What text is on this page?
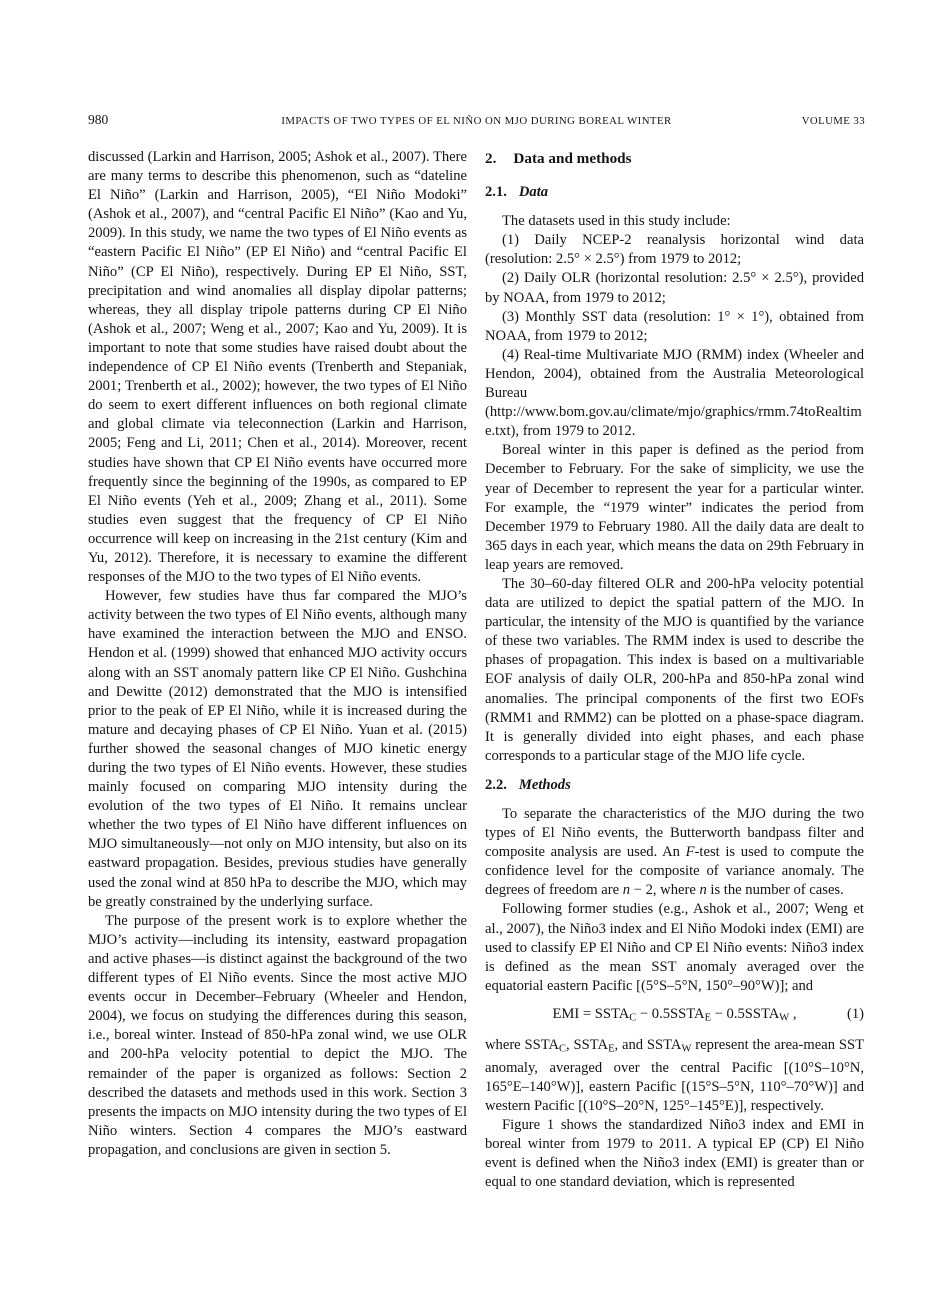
980	IMPACTS OF TWO TYPES OF EL NIÑO ON MJO DURING BOREAL WINTER	VOLUME 33

discussed (Larkin and Harrison, 2005; Ashok et al., 2007). There are many terms to describe this phenomenon, such as “dateline El Niño” (Larkin and Harrison, 2005), “El Niño Modoki” (Ashok et al., 2007), and “central Pacific El Niño” (Kao and Yu, 2009). In this study, we name the two types of El Niño events as “eastern Pacific El Niño” (EP El Niño) and “central Pacific El Niño” (CP El Niño), respectively. During EP El Niño, SST, precipitation and wind anomalies all display dipolar patterns; whereas, they all display tripole patterns during CP El Niño (Ashok et al., 2007; Weng et al., 2007; Kao and Yu, 2009). It is important to note that some studies have raised doubt about the independence of CP El Niño events (Trenberth and Stepaniak, 2001; Trenberth et al., 2002); however, the two types of El Niño do seem to exert different influences on both regional climate and global climate via teleconnection (Larkin and Harrison, 2005; Feng and Li, 2011; Chen et al., 2014). Moreover, recent studies have shown that CP El Niño events have occurred more frequently since the beginning of the 1990s, as compared to EP El Niño events (Yeh et al., 2009; Zhang et al., 2011). Some studies even suggest that the frequency of CP El Niño occurrence will keep on increasing in the 21st century (Kim and Yu, 2012). Therefore, it is necessary to examine the different responses of the MJO to the two types of El Niño events.

However, few studies have thus far compared the MJO’s activity between the two types of El Niño events, although many have examined the interaction between the MJO and ENSO. Hendon et al. (1999) showed that enhanced MJO activity occurs along with an SST anomaly pattern like CP El Niño. Gushchina and Dewitte (2012) demonstrated that the MJO is intensified prior to the peak of EP El Niño, while it is increased during the mature and decaying phases of CP El Niño. Yuan et al. (2015) further showed the seasonal changes of MJO kinetic energy during the two types of El Niño events. However, these studies mainly focused on comparing MJO intensity during the evolution of the two types of El Niño. It remains unclear whether the two types of El Niño have different influences on MJO simultaneously—not only on MJO intensity, but also on its eastward propagation. Besides, previous studies have generally used the zonal wind at 850 hPa to describe the MJO, which may be greatly constrained by the underlying surface.

The purpose of the present work is to explore whether the MJO’s activity—including its intensity, eastward propagation and active phases—is distinct against the background of the two different types of El Niño events. Since the most active MJO events occur in December–February (Wheeler and Hendon, 2004), we focus on studying the differences during this season, i.e., boreal winter. Instead of 850-hPa zonal wind, we use OLR and 200-hPa velocity potential to depict the MJO. The remainder of the paper is organized as follows: Section 2 described the datasets and methods used in this work. Section 3 presents the impacts on MJO intensity during the two types of El Niño winters. Section 4 compares the MJO’s eastward propagation, and conclusions are given in section 5.

2. Data and methods
2.1. Data

The datasets used in this study include:

(1) Daily NCEP-2 reanalysis horizontal wind data (resolution: 2.5° × 2.5°) from 1979 to 2012;

(2) Daily OLR (horizontal resolution: 2.5° × 2.5°), provided by NOAA, from 1979 to 2012;

(3) Monthly SST data (resolution: 1° × 1°), obtained from NOAA, from 1979 to 2012;

(4) Real-time Multivariate MJO (RMM) index (Wheeler and Hendon, 2004), obtained from the Australia Meteorological Bureau (http://www.bom.gov.au/climate/mjo/graphics/rmm.74toRealtime.txt), from 1979 to 2012.

Boreal winter in this paper is defined as the period from December to February. For the sake of simplicity, we use the year of December to represent the year for a particular winter. For example, the “1979 winter” indicates the period from December 1979 to February 1980. All the daily data are dealt to 365 days in each year, which means the data on 29th February in leap years are removed.

The 30–60-day filtered OLR and 200-hPa velocity potential data are utilized to depict the spatial pattern of the MJO. In particular, the intensity of the MJO is quantified by the variance of these two variables. The RMM index is used to describe the phases of propagation. This index is based on a multivariable EOF analysis of daily OLR, 200-hPa and 850-hPa zonal wind anomalies. The principal components of the first two EOFs (RMM1 and RMM2) can be plotted on a phase-space diagram. It is generally divided into eight phases, and each phase corresponds to a particular stage of the MJO life cycle.

2.2. Methods

To separate the characteristics of the MJO during the two types of El Niño events, the Butterworth bandpass filter and composite analysis are used. An F-test is used to compute the confidence level for the composite of variance anomaly. The degrees of freedom are n − 2, where n is the number of cases.

Following former studies (e.g., Ashok et al., 2007; Weng et al., 2007), the Niño3 index and El Niño Modoki index (EMI) are used to classify EP El Niño and CP El Niño events: Niño3 index is defined as the mean SST anomaly averaged over the equatorial eastern Pacific [(5°S–5°N, 150°–90°W)]; and

EMI = SSTAC − 0.5SSTAE − 0.5SSTAW ,	(1)

where SSTAC, SSTAE, and SSTAW represent the area-mean SST anomaly, averaged over the central Pacific [(10°S–10°N, 165°E–140°W)], eastern Pacific [(15°S–5°N, 110°–70°W)] and western Pacific [(10°S–20°N, 125°–145°E)], respectively.

Figure 1 shows the standardized Niño3 index and EMI in boreal winter from 1979 to 2011. A typical EP (CP) El Niño event is defined when the Niño3 index (EMI) is greater than or equal to one standard deviation, which is represented
